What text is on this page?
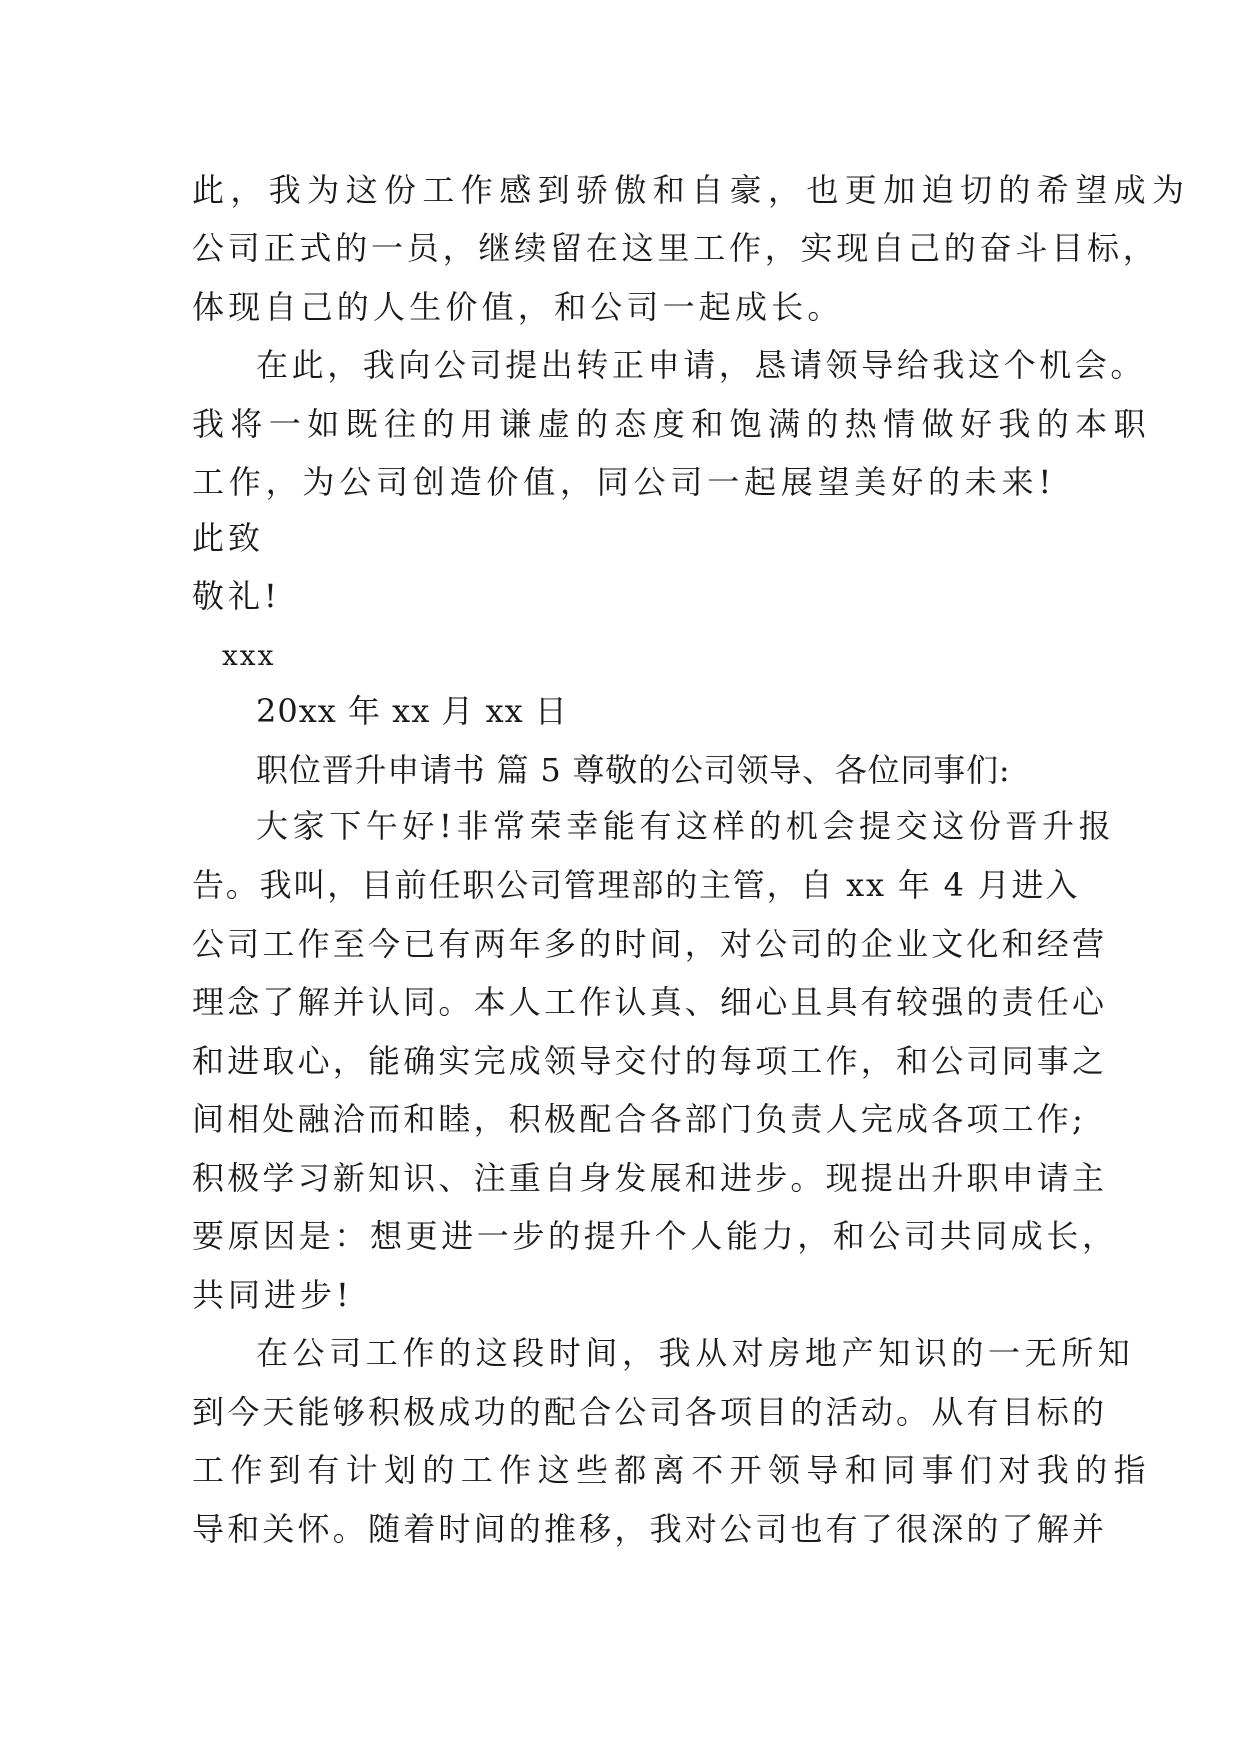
此，我为这份工作感到骄傲和自豪，也更加迫切的希望成为
公司正式的一员，继续留在这里工作，实现自己的奋斗目标，
体现自己的人生价值，和公司一起成长。
在此，我向公司提出转正申请，恳请领导给我这个机会。
我将一如既往的用谦虚的态度和饱满的热情做好我的本职
工作，为公司创造价值，同公司一起展望美好的未来!
此致
敬礼!
xxx
20xx 年 xx 月 xx 日
职位晋升申请书 篇 5 尊敬的公司领导、各位同事们:
大家下午好!非常荣幸能有这样的机会提交这份晋升报
告。我叫，目前任职公司管理部的主管，自 xx 年 4 月进入
公司工作至今已有两年多的时间，对公司的企业文化和经营
理念了解并认同。本人工作认真、细心且具有较强的责任心
和进取心，能确实完成领导交付的每项工作，和公司同事之
间相处融洽而和睦，积极配合各部门负责人完成各项工作;
积极学习新知识、注重自身发展和进步。现提出升职申请主
要原因是：想更进一步的提升个人能力，和公司共同成长，
共同进步!
在公司工作的这段时间，我从对房地产知识的一无所知
到今天能够积极成功的配合公司各项目的活动。从有目标的
工作到有计划的工作这些都离不开领导和同事们对我的指
导和关怀。随着时间的推移，我对公司也有了很深的了解并
